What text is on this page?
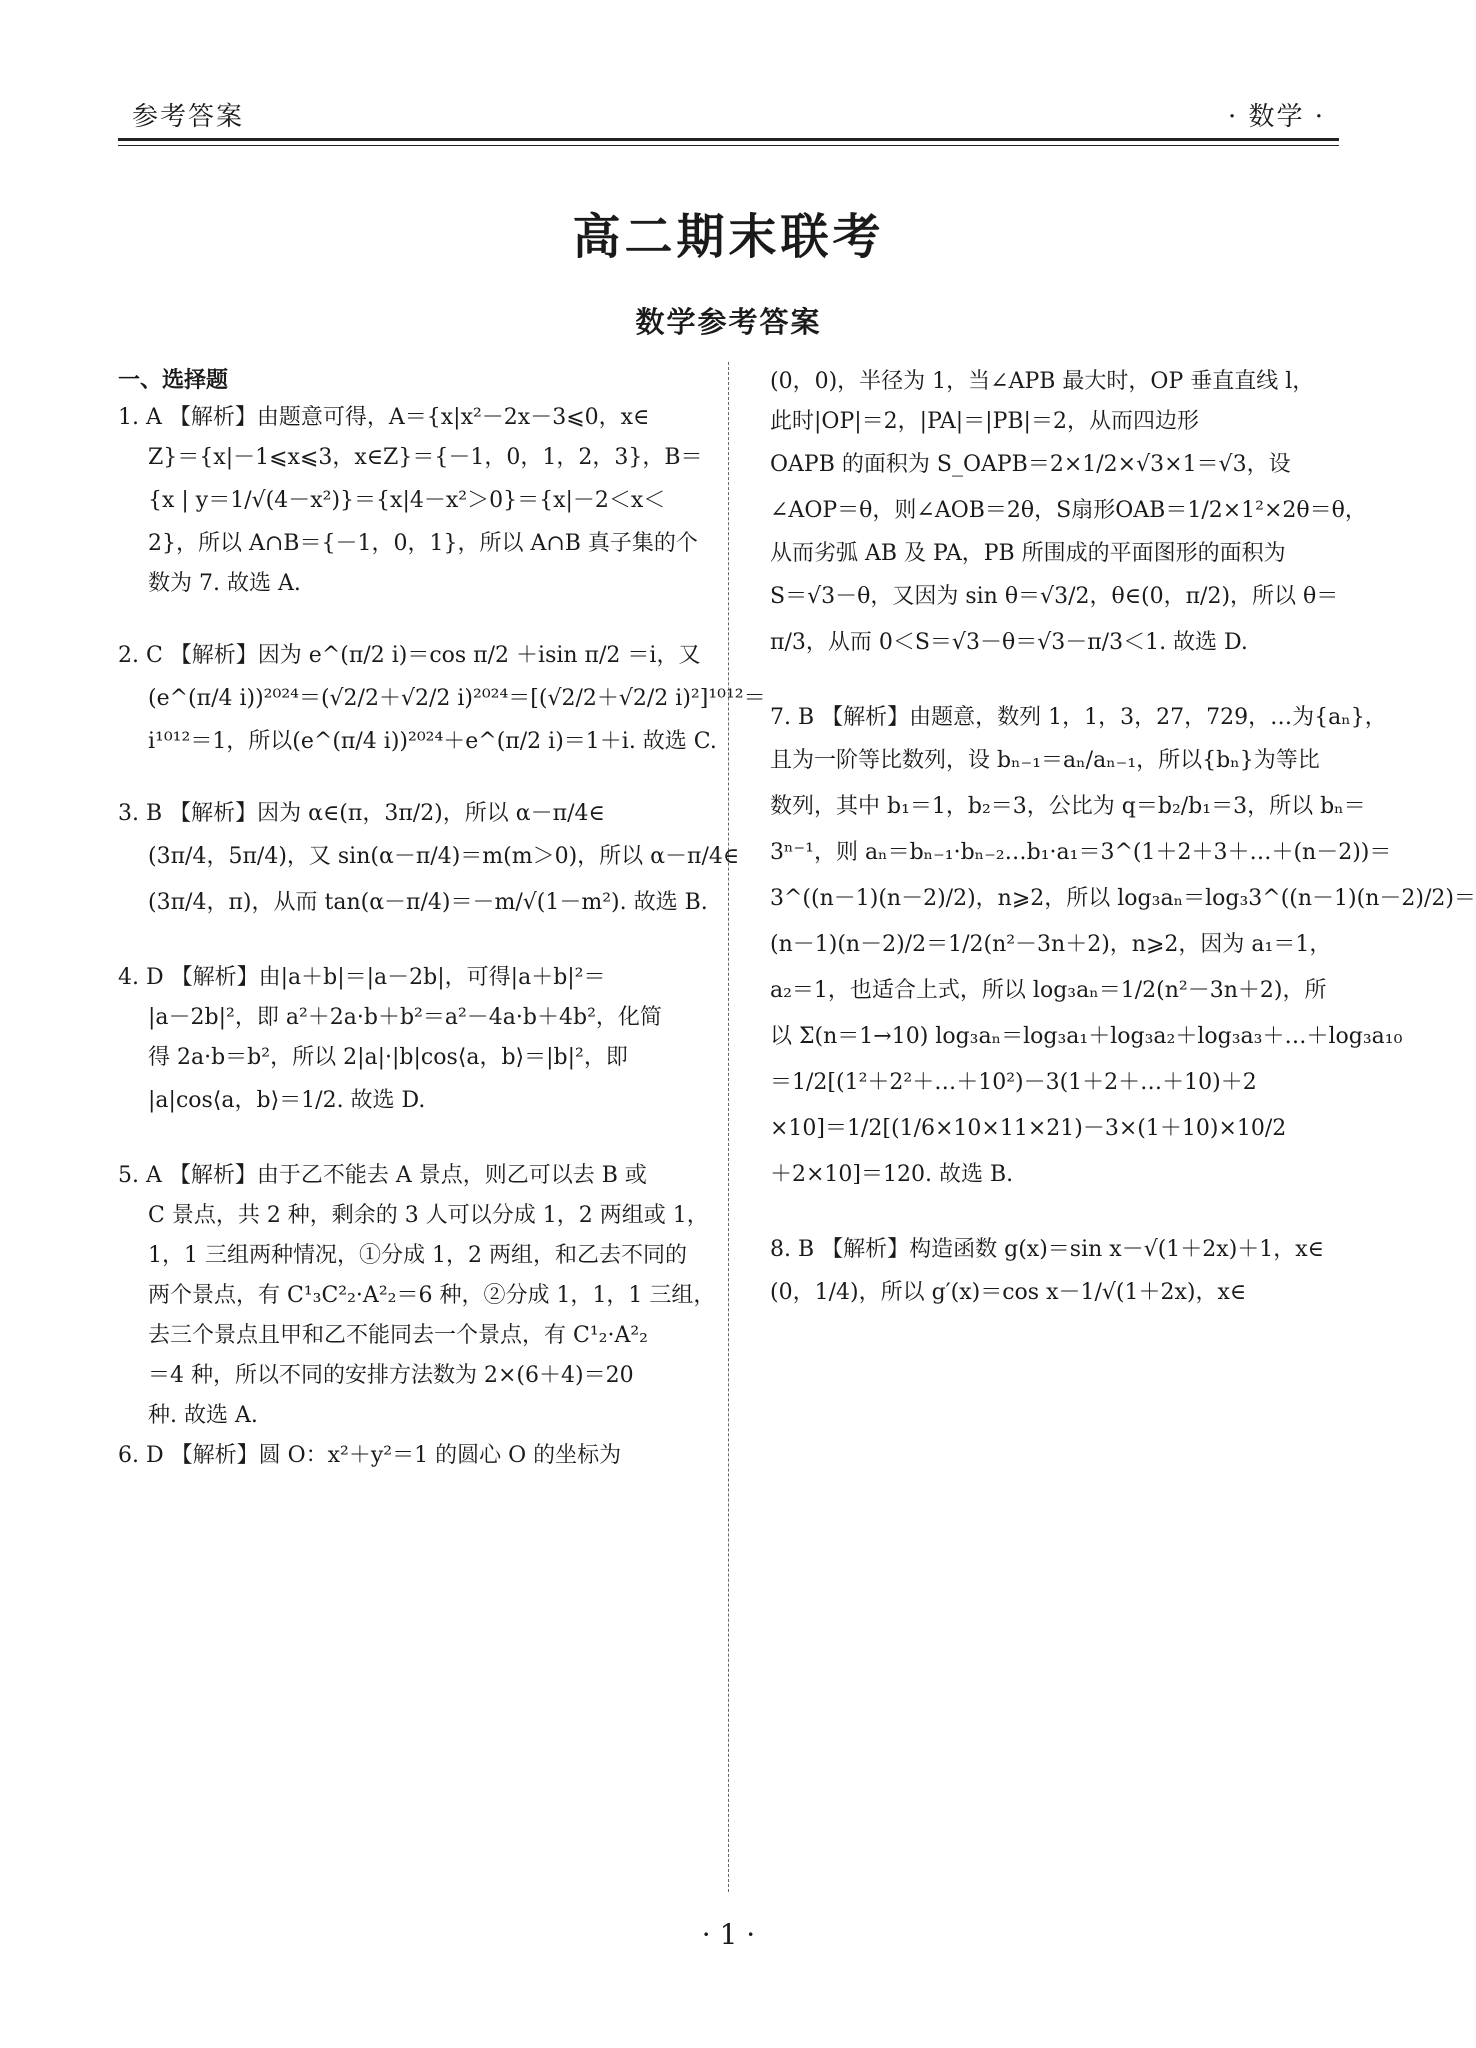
参考答案	· 数学 ·
高二期末联考
数学参考答案
一、选择题
1. A 【解析】由题意可得，A＝{x|x²－2x－3⩽0，x∈
Z}＝{x|－1⩽x⩽3，x∈Z}＝{－1，0，1，2，3}，B＝
{x | y＝1/√(4－x²)}＝{x|4－x²＞0}＝{x|－2＜x＜
2}，所以 A∩B＝{－1，0，1}，所以 A∩B 真子集的个
数为 7. 故选 A.
2. C 【解析】因为 e^(π/2 i)＝cos π/2 ＋isin π/2 ＝i，又
(e^(π/4 i))²⁰²⁴＝(√2/2＋√2/2 i)²⁰²⁴＝[(√2/2＋√2/2 i)²]¹⁰¹²＝
i¹⁰¹²＝1，所以(e^(π/4 i))²⁰²⁴＋e^(π/2 i)＝1＋i. 故选 C.
3. B 【解析】因为 α∈(π，3π/2)，所以 α－π/4∈
(3π/4，5π/4)，又 sin(α－π/4)＝m(m＞0)，所以 α－π/4∈
(3π/4，π)，从而 tan(α－π/4)＝－m/√(1－m²). 故选 B.
4. D 【解析】由|a＋b|＝|a－2b|，可得|a＋b|²＝
|a－2b|²，即 a²＋2a·b＋b²＝a²－4a·b＋4b²，化简
得 2a·b＝b²，所以 2|a|·|b|cos⟨a，b⟩＝|b|²，即
|a|cos⟨a，b⟩＝1/2. 故选 D.
5. A 【解析】由于乙不能去 A 景点，则乙可以去 B 或
C 景点，共 2 种，剩余的 3 人可以分成 1，2 两组或 1，
1，1 三组两种情况，①分成 1，2 两组，和乙去不同的
两个景点，有 C¹₃C²₂·A²₂＝6 种，②分成 1，1，1 三组，
去三个景点且甲和乙不能同去一个景点，有 C¹₂·A²₂
＝4 种，所以不同的安排方法数为 2×(6＋4)＝20
种. 故选 A.
6. D 【解析】圆 O：x²＋y²＝1 的圆心 O 的坐标为
(0，0)，半径为 1，当∠APB 最大时，OP 垂直直线 l，
此时|OP|＝2，|PA|＝|PB|＝2，从而四边形
OAPB 的面积为 S_OAPB＝2×1/2×√3×1＝√3，设
∠AOP＝θ，则∠AOB＝2θ，S扇形OAB＝1/2×1²×2θ＝θ，
从而劣弧 AB 及 PA，PB 所围成的平面图形的面积为
S＝√3－θ，又因为 sin θ＝√3/2，θ∈(0，π/2)，所以 θ＝
π/3，从而 0＜S＝√3－θ＝√3－π/3＜1. 故选 D.
7. B 【解析】由题意，数列 1，1，3，27，729，…为{aₙ}，
且为一阶等比数列，设 bₙ₋₁＝aₙ/aₙ₋₁，所以{bₙ}为等比
数列，其中 b₁＝1，b₂＝3，公比为 q＝b₂/b₁＝3，所以 bₙ＝
3ⁿ⁻¹，则 aₙ＝bₙ₋₁·bₙ₋₂…b₁·a₁＝3^(1＋2＋3＋…＋(n－2))＝
3^((n－1)(n－2)/2)，n⩾2，所以 log₃aₙ＝log₃3^((n－1)(n－2)/2)＝
(n－1)(n－2)/2＝1/2(n²－3n＋2)，n⩾2，因为 a₁＝1，
a₂＝1，也适合上式，所以 log₃aₙ＝1/2(n²－3n＋2)，所
以 Σ(n＝1→10) log₃aₙ＝log₃a₁＋log₃a₂＋log₃a₃＋…＋log₃a₁₀
＝1/2[(1²＋2²＋…＋10²)－3(1＋2＋…＋10)＋2
×10]＝1/2[(1/6×10×11×21)－3×(1＋10)×10/2
＋2×10]＝120. 故选 B.
8. B 【解析】构造函数 g(x)＝sin x－√(1＋2x)＋1，x∈
(0，1/4)，所以 g′(x)＝cos x－1/√(1＋2x)，x∈
· 1 ·
